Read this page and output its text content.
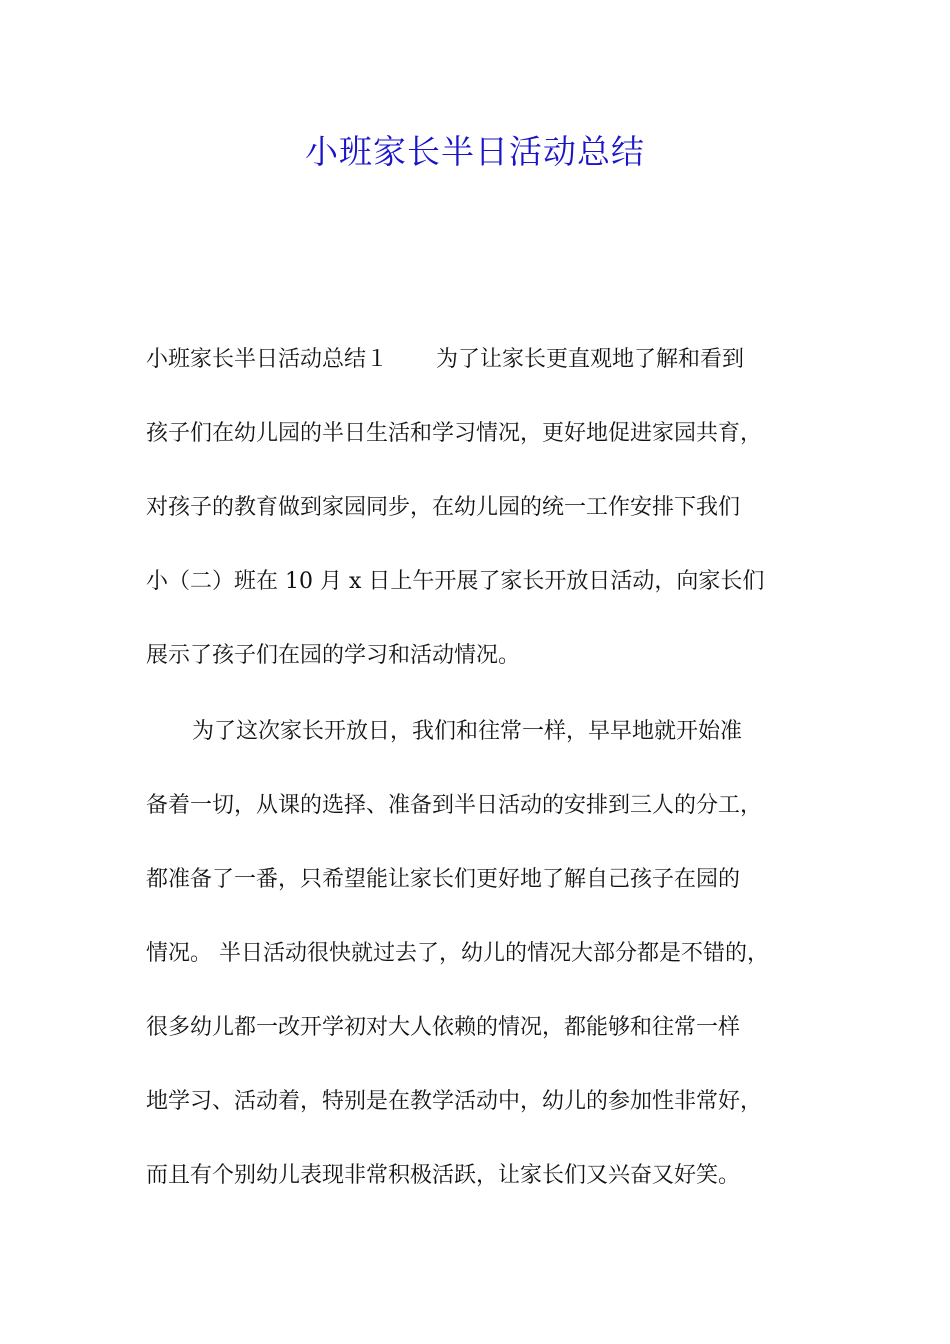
小班家长半日活动总结

小班家长半日活动总结１ 为了让家长更直观地了解和看到

孩子们在幼儿园的半日生活和学习情况，更好地促进家园共育，

对孩子的教育做到家园同步，在幼儿园的统一工作安排下我们

小（二）班在 10 月 x 日上午开展了家长开放日活动，向家长们

展示了孩子们在园的学习和活动情况。

为了这次家长开放日，我们和往常一样，早早地就开始准

备着一切，从课的选择、准备到半日活动的安排到三人的分工，

都准备了一番，只希望能让家长们更好地了解自己孩子在园的

情况。 半日活动很快就过去了，幼儿的情况大部分都是不错的，

很多幼儿都一改开学初对大人依赖的情况，都能够和往常一样

地学习、活动着，特别是在教学活动中，幼儿的参加性非常好，

而且有个别幼儿表现非常积极活跃，让家长们又兴奋又好笑。
